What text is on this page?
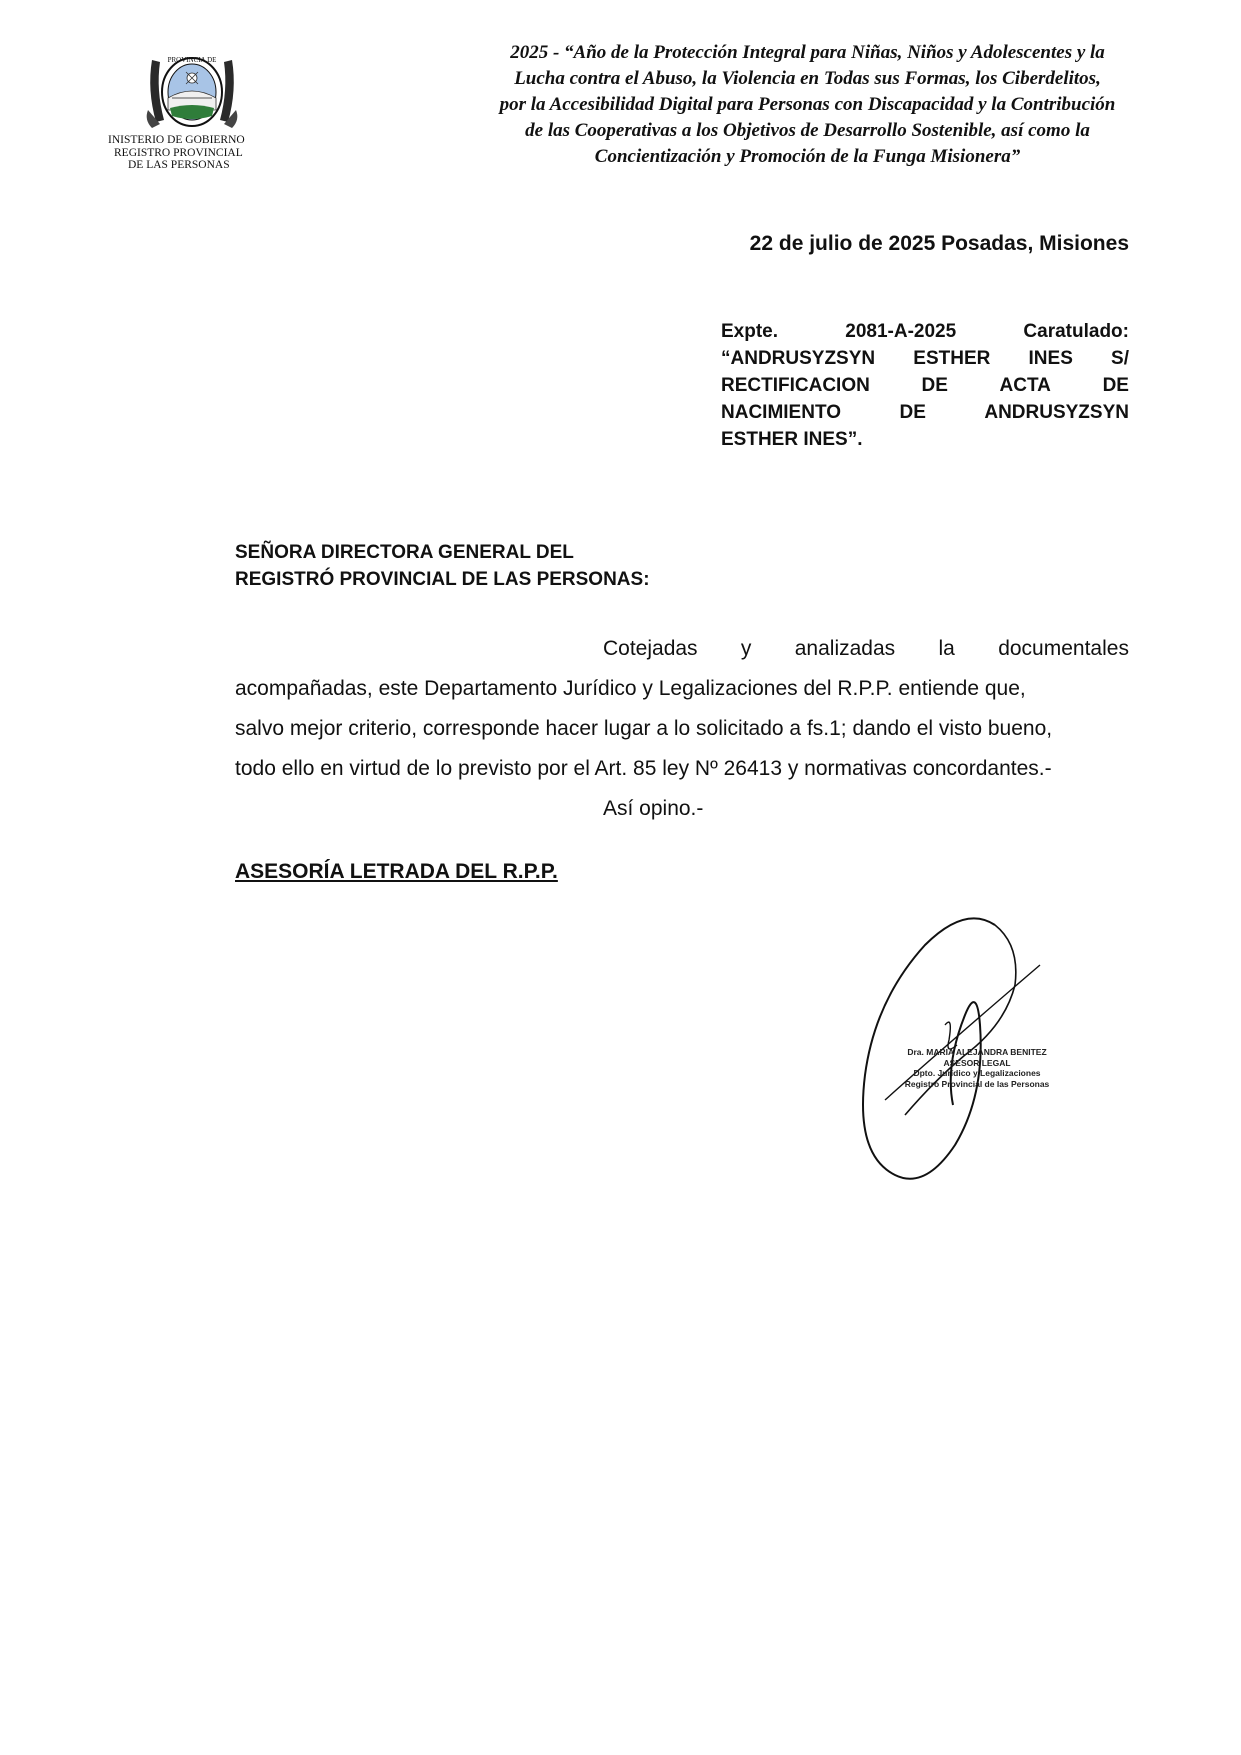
PROVINCIA DE
INISTERIO DE GOBIERNO
REGISTRO PROVINCIAL
DE LAS PERSONAS
2025 - “Año de la Protección Integral para Niñas, Niños y Adolescentes y la
Lucha contra el Abuso, la Violencia en Todas sus Formas, los Ciberdelitos,
por la Accesibilidad Digital para Personas con Discapacidad y la Contribución
de las Cooperativas a los Objetivos de Desarrollo Sostenible, así como la
Concientización y Promoción de la Funga Misionera”
22 de julio de 2025 Posadas, Misiones
Expte.	2081-A-2025	Caratulado:
“ANDRUSYZSYN ESTHER INES S/
RECTIFICACION	DE	ACTA	DE
NACIMIENTO	DE	ANDRUSYZSYN
ESTHER INES”.
SEÑORA DIRECTORA GENERAL DEL
REGISTRÓ PROVINCIAL DE LAS PERSONAS:
Cotejadas y analizadas la documentales
acompañadas, este Departamento Jurídico y Legalizaciones del R.P.P. entiende que,
salvo mejor criterio, corresponde hacer lugar a lo solicitado a fs.1; dando el visto bueno,
todo ello en virtud de lo previsto por el Art. 85 ley Nº 26413 y normativas concordantes.-
Así opino.-
ASESORÍA LETRADA DEL R.P.P.
Dra. MARIA ALEJANDRA BENITEZ
ASESOR LEGAL
Dpto. Jurídico y Legalizaciones
Registro Provincial de las Personas
